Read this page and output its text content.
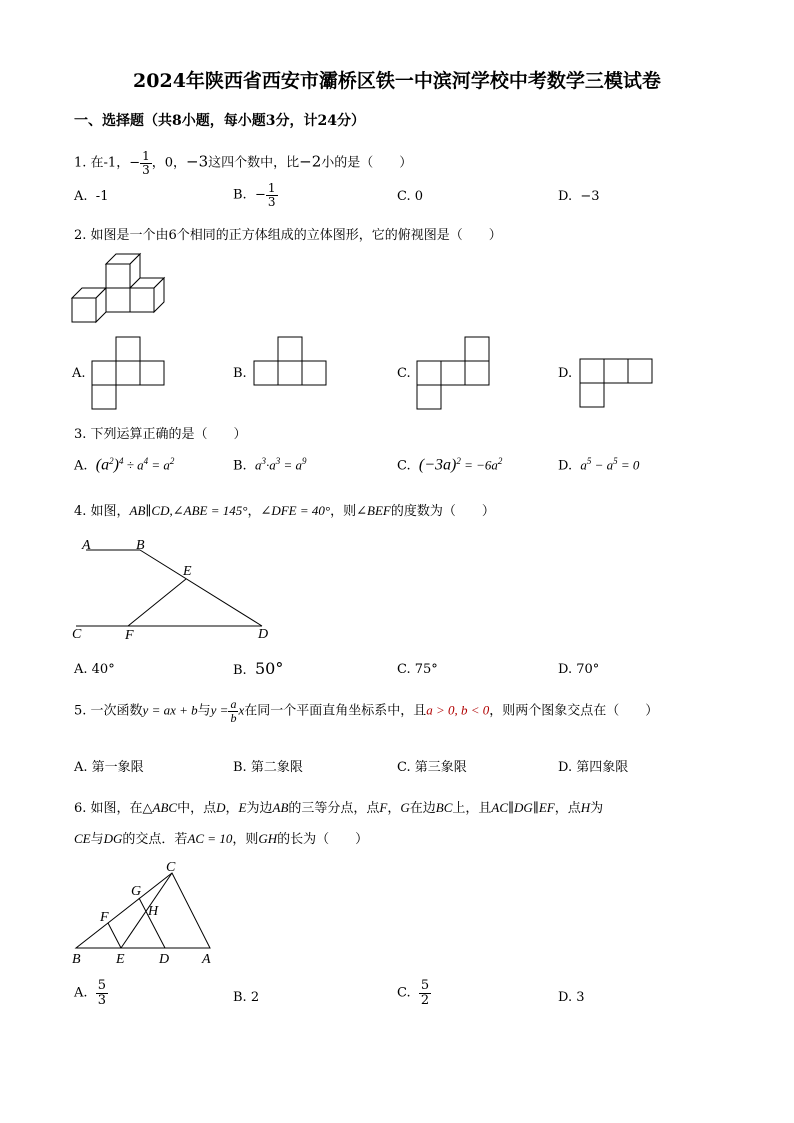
2024年陕西省西安市灞桥区铁一中滨河学校中考数学三模试卷
一、选择题（共8小题，每小题3分，计24分）
1. 在-1，− $\frac{1}{3}$ ，0，−3这四个数中，比−2小的是（　　）
A. -1	B. − $\frac{1}{3}$	C. 0	D. −3
2. 如图是一个由6个相同的正方体组成的立体图形，它的俯视图是（　　）
A.	B.	C.	D.
3. 下列运算正确的是（　　）
A. $(a^2)^4 \div a^4 = a^2$	B. $a^3\cdot a^3 = a^9$	C. $(-3a)^2 = -6a^2$	D. $a^5 - a^5 = 0$
4. 如图，AB∥CD,∠ABE = 145°，∠DFE = 40°，则∠BEF的度数为（　　）
A	B
E
C	F	D
A. 40°	B. 50°	C. 75°	D. 70°
5. 一次函数y = ax + b与$y = \frac{a}{b}$ x在同一个平面直角坐标系中，且a > 0, b < 0，则两个图象交点在（　　）
A. 第一象限	B. 第二象限	C. 第三象限	D. 第四象限
6. 如图，在△ABC中，点D，E为边AB的三等分点，点F，G在边BC上，且AC∥DG∥EF，点H为
CE与DG的交点．若AC = 10，则GH的长为（　　）
C
G
F	H
B	E D A
A. $\frac{5}{3}$	B. 2	C. $\frac{5}{2}$	D. 3
